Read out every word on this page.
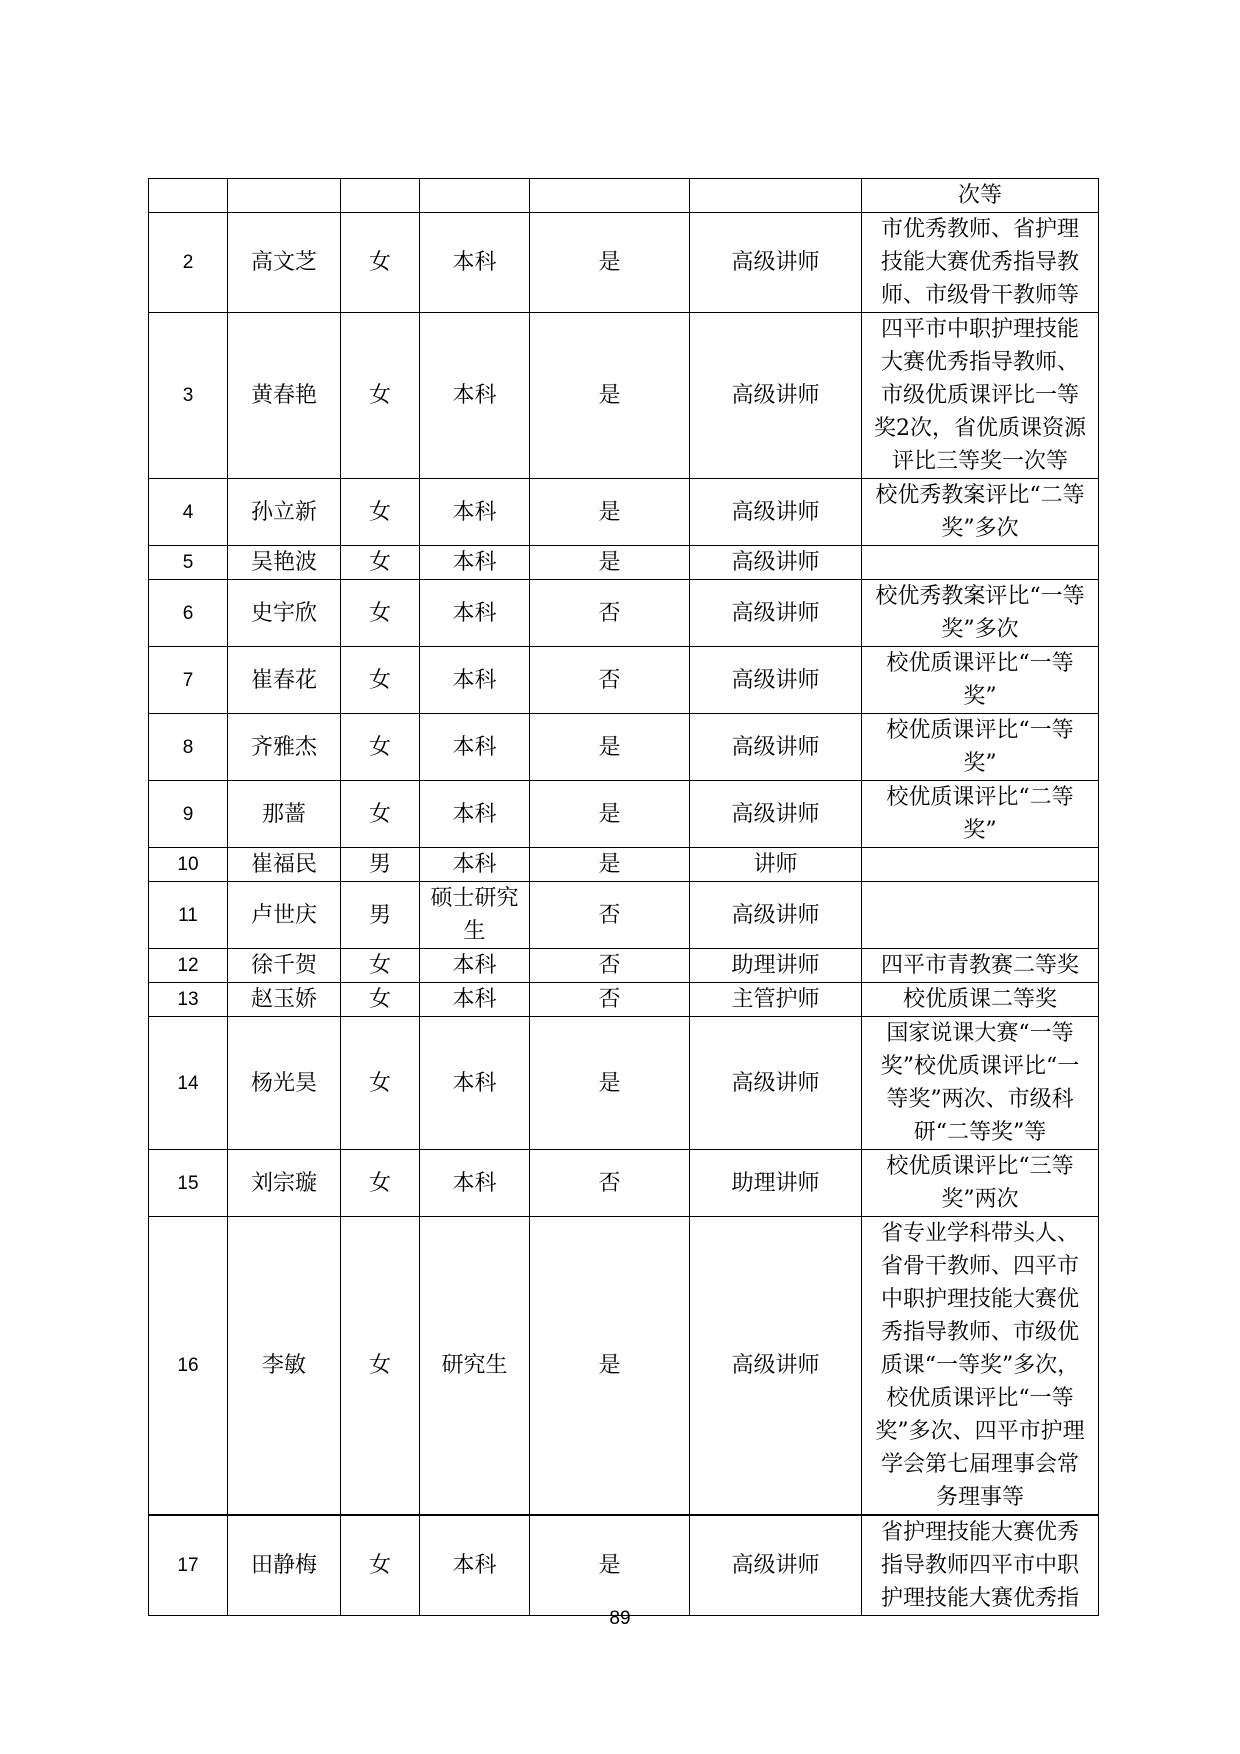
						次等
2	高文芝	女	本科	是	高级讲师	市优秀教师、省护理技能大赛优秀指导教师、市级骨干教师等
3	黄春艳	女	本科	是	高级讲师	四平市中职护理技能大赛优秀指导教师、市级优质课评比一等奖2次，省优质课资源评比三等奖一次等
4	孙立新	女	本科	是	高级讲师	校优秀教案评比“二等奖”多次
5	吴艳波	女	本科	是	高级讲师	
6	史宇欣	女	本科	否	高级讲师	校优秀教案评比“一等奖”多次
7	崔春花	女	本科	否	高级讲师	校优质课评比“一等奖”
8	齐雅杰	女	本科	是	高级讲师	校优质课评比“一等奖”
9	那蔷	女	本科	是	高级讲师	校优质课评比“二等奖”
10	崔福民	男	本科	是	讲师	
11	卢世庆	男	硕士研究生	否	高级讲师	
12	徐千贺	女	本科	否	助理讲师	四平市青教赛二等奖
13	赵玉娇	女	本科	否	主管护师	校优质课二等奖
14	杨光昊	女	本科	是	高级讲师	国家说课大赛“一等奖”校优质课评比“一等奖”两次、市级科研“二等奖”等
15	刘宗璇	女	本科	否	助理讲师	校优质课评比“三等奖”两次
16	李敏	女	研究生	是	高级讲师	省专业学科带头人、省骨干教师、四平市中职护理技能大赛优秀指导教师、市级优质课“一等奖”多次，校优质课评比“一等奖”多次、四平市护理学会第七届理事会常务理事等
17	田静梅	女	本科	是	高级讲师	省护理技能大赛优秀指导教师四平市中职护理技能大赛优秀指
89
